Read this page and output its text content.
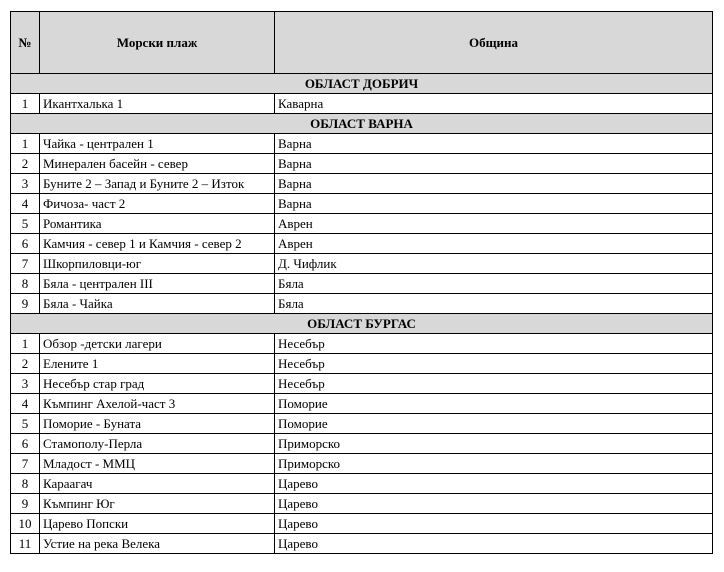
№	Морски плаж	Община
ОБЛАСТ ДОБРИЧ		
1	Икантхалька 1	Каварна
ОБЛАСТ ВАРНА		
1	Чайка - централен 1	Варна
2	Минерален басейн - север	Варна
3	Буните 2 – Запад и Буните 2 – Изток	Варна
4	Фичоза- част 2	Варна
5	Романтика	Аврен
6	Камчия - север 1 и Камчия - север 2	Аврен
7	Шкорпиловци-юг	Д. Чифлик
8	Бяла - централен III	Бяла
9	Бяла - Чайка	Бяла
ОБЛАСТ БУРГАС		
1	Обзор -детски лагери	Несебър
2	Елените 1	Несебър
3	Несебър стар град	Несебър
4	Къмпинг Ахелой-част 3	Поморие
5	Поморие - Буната	Поморие
6	Стамополу-Перла	Приморско
7	Младост - ММЦ	Приморско
8	Караагач	Царево
9	Къмпинг Юг	Царево
10	Царево Попски	Царево
11	Устие на река Велека	Царево
